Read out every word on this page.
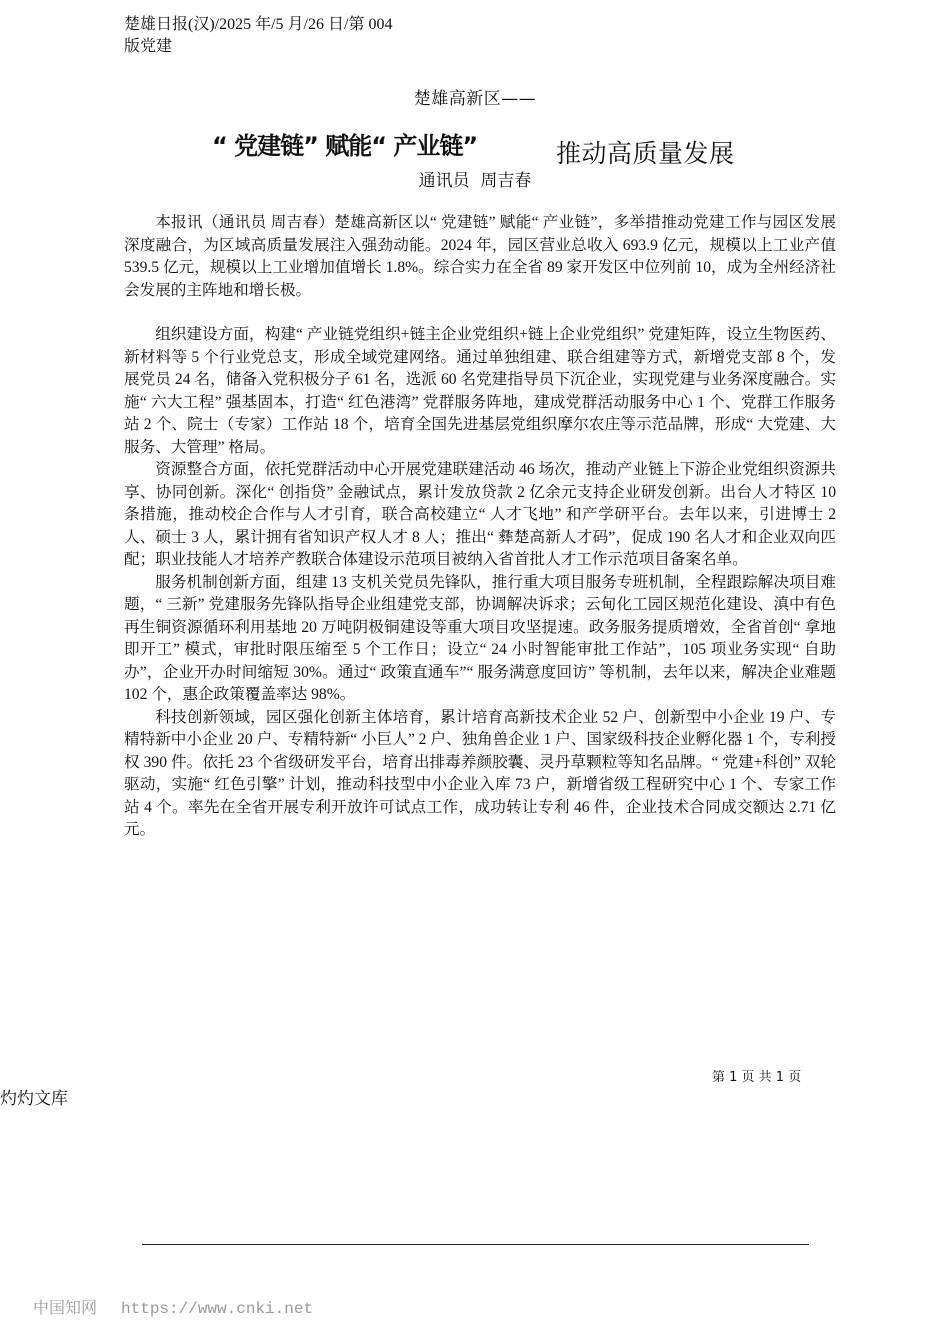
楚雄日报(汉)/2025 年/5 月/26 日/第 004
版党建
楚雄高新区——
“ 党建链” 赋能“ 产业链”	推动高质量发展
通讯员 周吉春

本报讯（通讯员 周吉春）楚雄高新区以“ 党建链” 赋能“ 产业链”，多举措推动党建工作与园区发展深度融合，为区域高质量发展注入强劲动能。2024 年，园区营业总收入 693.9 亿元，规模以上工业产值 539.5 亿元，规模以上工业增加值增长 1.8%。综合实力在全省 89 家开发区中位列前 10，成为全州经济社会发展的主阵地和增长极。

组织建设方面，构建“ 产业链党组织+链主企业党组织+链上企业党组织” 党建矩阵，设立生物医药、新材料等 5 个行业党总支，形成全域党建网络。通过单独组建、联合组建等方式，新增党支部 8 个，发展党员 24 名，储备入党积极分子 61 名，选派 60 名党建指导员下沉企业，实现党建与业务深度融合。实施“ 六大工程” 强基固本，打造“ 红色港湾” 党群服务阵地，建成党群活动服务中心 1 个、党群工作服务站 2 个、院士（专家）工作站 18 个，培育全国先进基层党组织摩尔农庄等示范品牌，形成“ 大党建、大服务、大管理” 格局。

资源整合方面，依托党群活动中心开展党建联建活动 46 场次，推动产业链上下游企业党组织资源共享、协同创新。深化“ 创指贷” 金融试点，累计发放贷款 2 亿余元支持企业研发创新。出台人才特区 10 条措施，推动校企合作与人才引育，联合高校建立“ 人才飞地” 和产学研平台。去年以来，引进博士 2 人、硕士 3 人，累计拥有省知识产权人才 8 人；推出“ 彝楚高新人才码”，促成 190 名人才和企业双向匹配；职业技能人才培养产教联合体建设示范项目被纳入省首批人才工作示范项目备案名单。

服务机制创新方面，组建 13 支机关党员先锋队，推行重大项目服务专班机制，全程跟踪解决项目难题，“ 三新” 党建服务先锋队指导企业组建党支部，协调解决诉求；云甸化工园区规范化建设、滇中有色再生铜资源循环利用基地 20 万吨阴极铜建设等重大项目攻坚提速。政务服务提质增效，全省首创“ 拿地即开工” 模式，审批时限压缩至 5 个工作日；设立“ 24 小时智能审批工作站”，105 项业务实现“ 自助办”，企业开办时间缩短 30%。通过“ 政策直通车”“ 服务满意度回访” 等机制，去年以来，解决企业难题 102 个，惠企政策覆盖率达 98%。

科技创新领域，园区强化创新主体培育，累计培育高新技术企业 52 户、创新型中小企业 19 户、专精特新中小企业 20 户、专精特新“ 小巨人” 2 户、独角兽企业 1 户、国家级科技企业孵化器 1 个，专利授权 390 件。依托 23 个省级研发平台，培育出排毒养颜胶囊、灵丹草颗粒等知名品牌。“ 党建+科创” 双轮驱动，实施“ 红色引擎” 计划，推动科技型中小企业入库 73 户，新增省级工程研究中心 1 个、专家工作站 4 个。率先在全省开展专利开放许可试点工作，成功转让专利 46 件，企业技术合同成交额达 2.71 亿元。

第 1 页 共 1 页
灼灼文库
中国知网 https://www.cnki.net
